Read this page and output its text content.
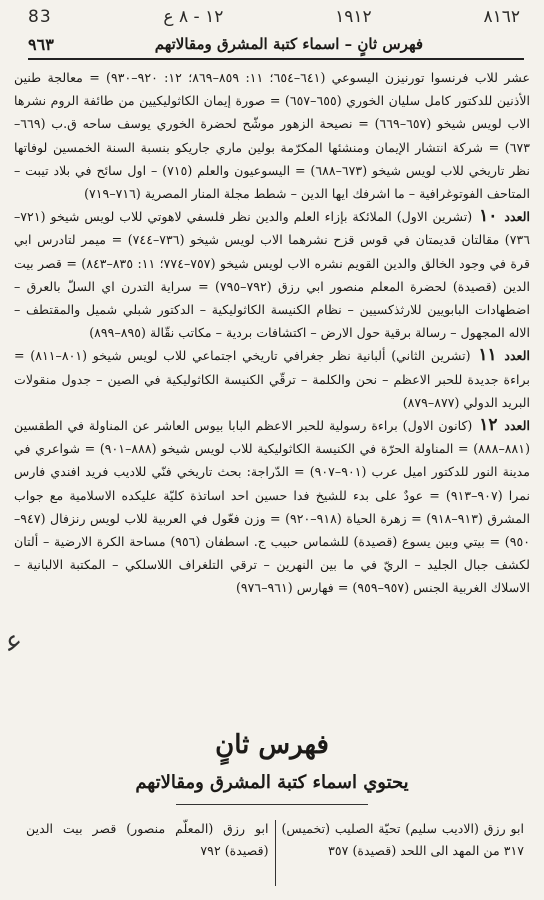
83	١٢ - ٨ ع	١٩١٢	٨١٦٢
فهرس ثانٍ – اسماء كتبة المشرق ومقالاتهم
٩٦٣

عشر للاب فرنسوا تورنيزن اليسوعي (٦٤١–٦٥٤؛ ١١: ٨٥٩–٨٦٩؛ ١٢: ٩٢٠–٩٣٠) = معالجة طنين الأذنين للدكتور كامل سليان الخوري (٦٥٥–٦٥٧) = صورة إيمان الكاثوليكيين من طائفة الروم نشرها الاب لويس شيخو (٦٥٧–٦٦٩) = نصيحة الزهور موشّح لحضرة الخوري يوسف ساحه ق.ب (٦٦٩–٦٧٣) = شركة انتشار الإيمان ومنشئها المكرّمة بولين ماري جاريكو بنسبة السنة الخمسين لوفاتها نظر تاريخي للاب لويس شيخو (٦٧٣–٦٨٨) = اليسوعيون والعلم (٧١٥) – اول سائح في بلاد تيبت – المتاحف الفوتوغرافية – ما اشرفك ايها الدين – شطط مجلة المنار المصرية (٧١٦–٧١٩)

العدد ١٠ (تشرين الاول) الملائكة بإزاء العلم والدين نظر فلسفي لاهوتي للاب لويس شيخو (٧٢١–٧٣٦) مقالتان قديمتان في قوس قزح نشرهما الاب لويس شيخو (٧٣٦–٧٤٤) = ميمر لتادرس ابي قرة في وجود الخالق والدين القويم نشره الاب لويس شيخو (٧٥٧–٧٧٤؛ ١١: ٨٣٥–٨٤٣) = قصر بيت الدين (قصيدة) لحضرة المعلم منصور ابي رزق (٧٩٢–٧٩٥) = سراية التدرن اي السلّ بالعرق – اضطهادات البابويين للارثذكسيين – نظام الكنيسة الكاثوليكية – الدكتور شبلي شميل والمقتطف – الاله المجهول – رسالة برقية حول الارض – اكتشافات بردية – مكاتب نقّالة (٨٩٥–٨٩٩)

العدد ١١ (تشرين الثاني) ألبانية نظر جغرافي تاريخي اجتماعي للاب لويس شيخو (٨٠١–٨١١) = براءة جديدة للحبر الاعظم – نحن والكلمة – ترقّي الكنيسة الكاثوليكية في الصين – جدول منقولات البريد الدولي (٨٧٧–٨٧٩)

العدد ١٢ (كانون الاول) براءة رسولية للحبر الاعظم البابا بيوس العاشر عن المناولة في الطقسين (٨٨١–٨٨٨) = المناولة الحرّة في الكنيسة الكاثوليكية للاب لويس شيخو (٨٨٨–٩٠١) = شواعري في مدينة النور للدكتور اميل عرب (٩٠١–٩٠٧) = الدّراجة: بحث تاريخي فنّي للاديب فريد افندي فارس نمرا (٩٠٧–٩١٣) = عودٌ على بدء للشيخ فدا حسين احد اساتذة كليّة عليكده الاسلامية مع جواب المشرق (٩١٣–٩١٨) = زهرة الحياة (٩١٨–٩٢٠) = وزن فعّول في العربية للاب لويس رنزفال (٩٤٧–٩٥٠) = بيتي وبين يسوع (قصيدة) للشماس حبيب ج. اسطفان (٩٥٦) مساحة الكرة الارضية – ألتان لكشف جبال الجليد – الريّ في ما بين النهرين – ترقي التلغراف اللاسلكي – المكتبة الالبانية – الاسلاك الغربية الجنس (٩٥٧–٩٥٩) = فهارس (٩٦١–٩٧٦)

ﻋ
فهرس ثانٍ
يحتوي اسماء كتبة المشرق ومقالاتهم
ابو رزق (الاديب سليم) تحيّة الصليب (تخميس) ٣١٧ من المهد الى اللحد (قصيدة) ٣٥٧
ابو رزق (المعلّم منصور) قصر بيت الدين (قصيدة) ٧٩٢
